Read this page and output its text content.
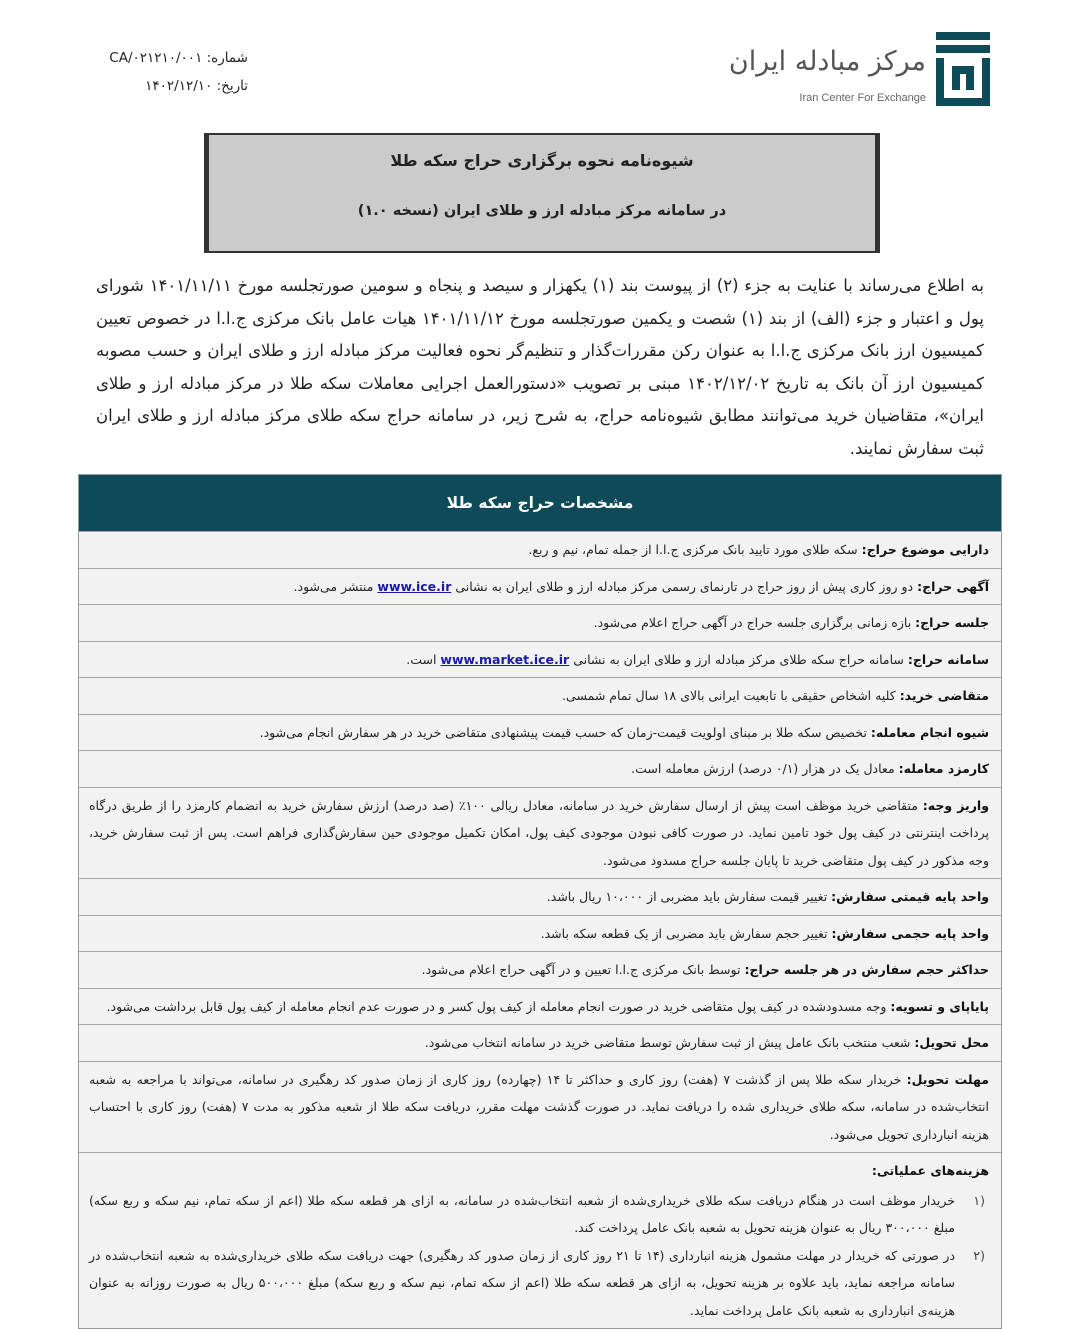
شماره: CA/۰۲۱۲۱۰/۰۰۱
تاریخ: ۱۴۰۲/۱۲/۱۰
مرکز مبادله ایران
Iran Center For Exchange
شیوه‌نامه نحوه برگزاری حراج سکه طلا
در سامانه مرکز مبادله ارز و طلای ایران (نسخه ۱.۰)
به اطلاع می‌رساند با عنایت به جزء (۲) از پیوست بند (۱) یکهزار و سیصد و پنجاه و سومین صورتجلسه مورخ ۱۴۰۱/۱۱/۱۱ شورای پول و اعتبار و جزء (الف) از بند (۱) شصت و یکمین صورتجلسه مورخ ۱۴۰۱/۱۱/۱۲ هیات عامل بانک مرکزی ج.ا.ا در خصوص تعیین کمیسیون ارز بانک مرکزی ج.ا.ا به عنوان رکن مقررات‌گذار و تنظیم‌گر نحوه فعالیت مرکز مبادله ارز و طلای ایران و حسب مصوبه کمیسیون ارز آن بانک به تاریخ ۱۴۰۲/۱۲/۰۲ مبنی بر تصویب «دستورالعمل اجرایی معاملات سکه طلا در مرکز مبادله ارز و طلای ایران»، متقاضیان خرید می‌توانند مطابق شیوه‌نامه حراج، به شرح زیر، در سامانه حراج سکه طلای مرکز مبادله ارز و طلای ایران ثبت سفارش نمایند.
مشخصات حراج سکه طلا
دارایی موضوع حراج: سکه طلای مورد تایید بانک مرکزی ج.ا.ا از جمله تمام، نیم و ربع.
آگهی حراج: دو روز کاری پیش از روز حراج در تارنمای رسمی مرکز مبادله ارز و طلای ایران به نشانی www.ice.ir منتشر می‌شود.
جلسه حراج: بازه زمانی برگزاری جلسه حراج در آگهی حراج اعلام می‌شود.
سامانه حراج: سامانه حراج سکه طلای مرکز مبادله ارز و طلای ایران به نشانی www.market.ice.ir است.
متقاضی خرید: کلیه اشخاص حقیقی با تابعیت ایرانی بالای ۱۸ سال تمام شمسی.
شیوه انجام معامله: تخصیص سکه طلا بر مبنای اولویت قیمت-زمان که حسب قیمت پیشنهادی متقاضی خرید در هر سفارش انجام می‌شود.
کارمزد معامله: معادل یک در هزار (۰/۱ درصد) ارزش معامله است.
واریز وجه: متقاضی خرید موظف است پیش از ارسال سفارش خرید در سامانه، معادل ریالی ۱۰۰٪ (صد درصد) ارزش سفارش خرید به انضمام کارمزد را از طریق درگاه پرداخت اینترنتی در کیف پول خود تامین نماید. در صورت کافی نبودن موجودی کیف پول، امکان تکمیل موجودی حین سفارش‌گذاری فراهم است. پس از ثبت سفارش خرید، وجه مذکور در کیف پول متقاضی خرید تا پایان جلسه حراج مسدود می‌شود.
واحد پایه قیمتی سفارش: تغییر قیمت سفارش باید مضربی از ۱۰،۰۰۰ ریال باشد.
واحد پایه حجمی سفارش: تغییر حجم سفارش باید مضربی از یک قطعه سکه باشد.
حداکثر حجم سفارش در هر جلسه حراج: توسط بانک مرکزی ج.ا.ا تعیین و در آگهی حراج اعلام می‌شود.
پایاپای و تسویه: وجه مسدودشده در کیف پول متقاضی خرید در صورت انجام معامله از کیف پول کسر و در صورت عدم انجام معامله از کیف پول قابل برداشت می‌شود.
محل تحویل: شعب منتخب بانک عامل پیش از ثبت سفارش توسط متقاضی خرید در سامانه انتخاب می‌شود.
مهلت تحویل: خریدار سکه طلا پس از گذشت ۷ (هفت) روز کاری و حداکثر تا ۱۴ (چهارده) روز کاری از زمان صدور کد رهگیری در سامانه، می‌تواند با مراجعه به شعبه انتخاب‌شده در سامانه، سکه طلای خریداری شده را دریافت نماید. در صورت گذشت مهلت مقرر، دریافت سکه طلا از شعبه مذکور به مدت ۷ (هفت) روز کاری با احتساب هزینه انبارداری تحویل می‌شود.
هزینه‌های عملیاتی:
(۱
خریدار موظف است در هنگام دریافت سکه طلای خریداری‌شده از شعبه انتخاب‌شده در سامانه، به ازای هر قطعه سکه طلا (اعم از سکه تمام، نیم سکه و ربع سکه) مبلغ ۳۰۰،۰۰۰ ریال به عنوان هزینه تحویل به شعبه بانک عامل پرداخت کند.
(۲
در صورتی که خریدار در مهلت مشمول هزینه انبارداری (۱۴ تا ۲۱ روز کاری از زمان صدور کد رهگیری) جهت دریافت سکه طلای خریداری‌شده به شعبه انتخاب‌شده در سامانه مراجعه نماید، باید علاوه بر هزینه تحویل، به ازای هر قطعه سکه طلا (اعم از سکه تمام، نیم سکه و ربع سکه) مبلغ ۵۰۰،۰۰۰ ریال به صورت روزانه به عنوان هزینه‌ی انبارداری به شعبه بانک عامل پرداخت نماید.
